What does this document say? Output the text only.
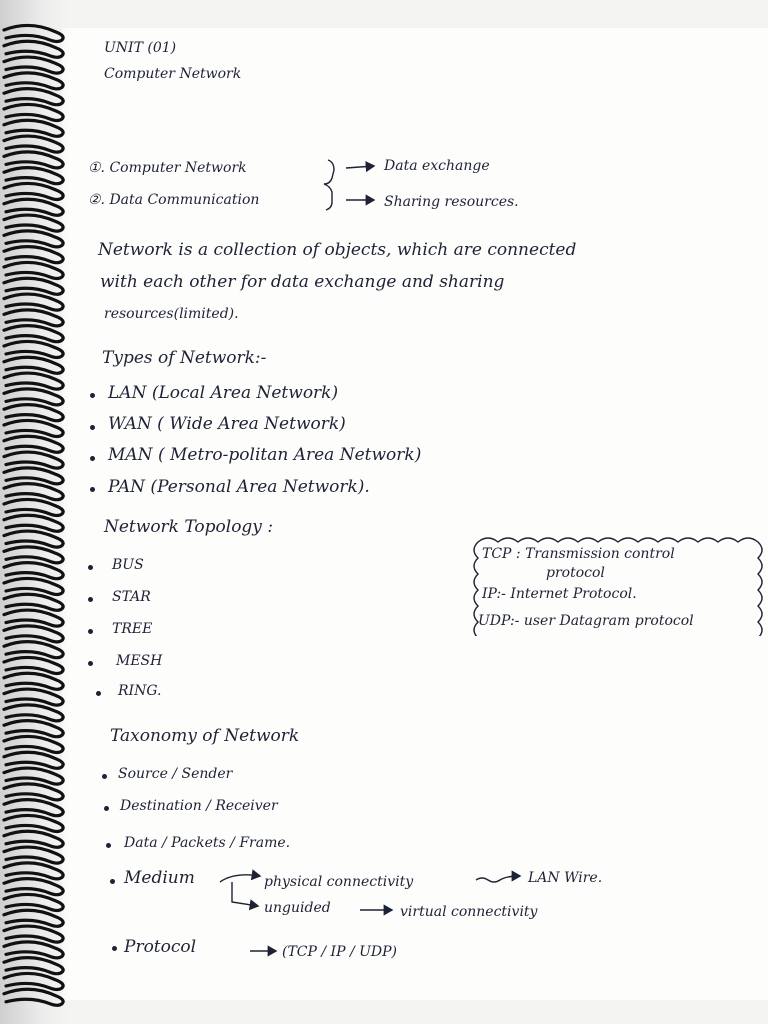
UNIT (01)
Computer Network
①. Computer Network
②. Data Communication
Data exchange
Sharing resources.
Network is a collection of objects, which are connected
with each other for data exchange and sharing
resources(limited).
Types of Network:-
LAN (Local Area Network)
WAN ( Wide Area Network)
MAN ( Metro-politan Area Network)
PAN (Personal Area Network).
Network Topology :
BUS
STAR
TREE
MESH
RING.
TCP : Transmission control
protocol
IP:- Internet Protocol.
UDP:- user Datagram protocol
Taxonomy of Network
Source / Sender
Destination / Receiver
Data / Packets / Frame.
Medium	physical connectivity	LAN Wire.
unguided	virtual connectivity
Protocol	(TCP / IP / UDP)
